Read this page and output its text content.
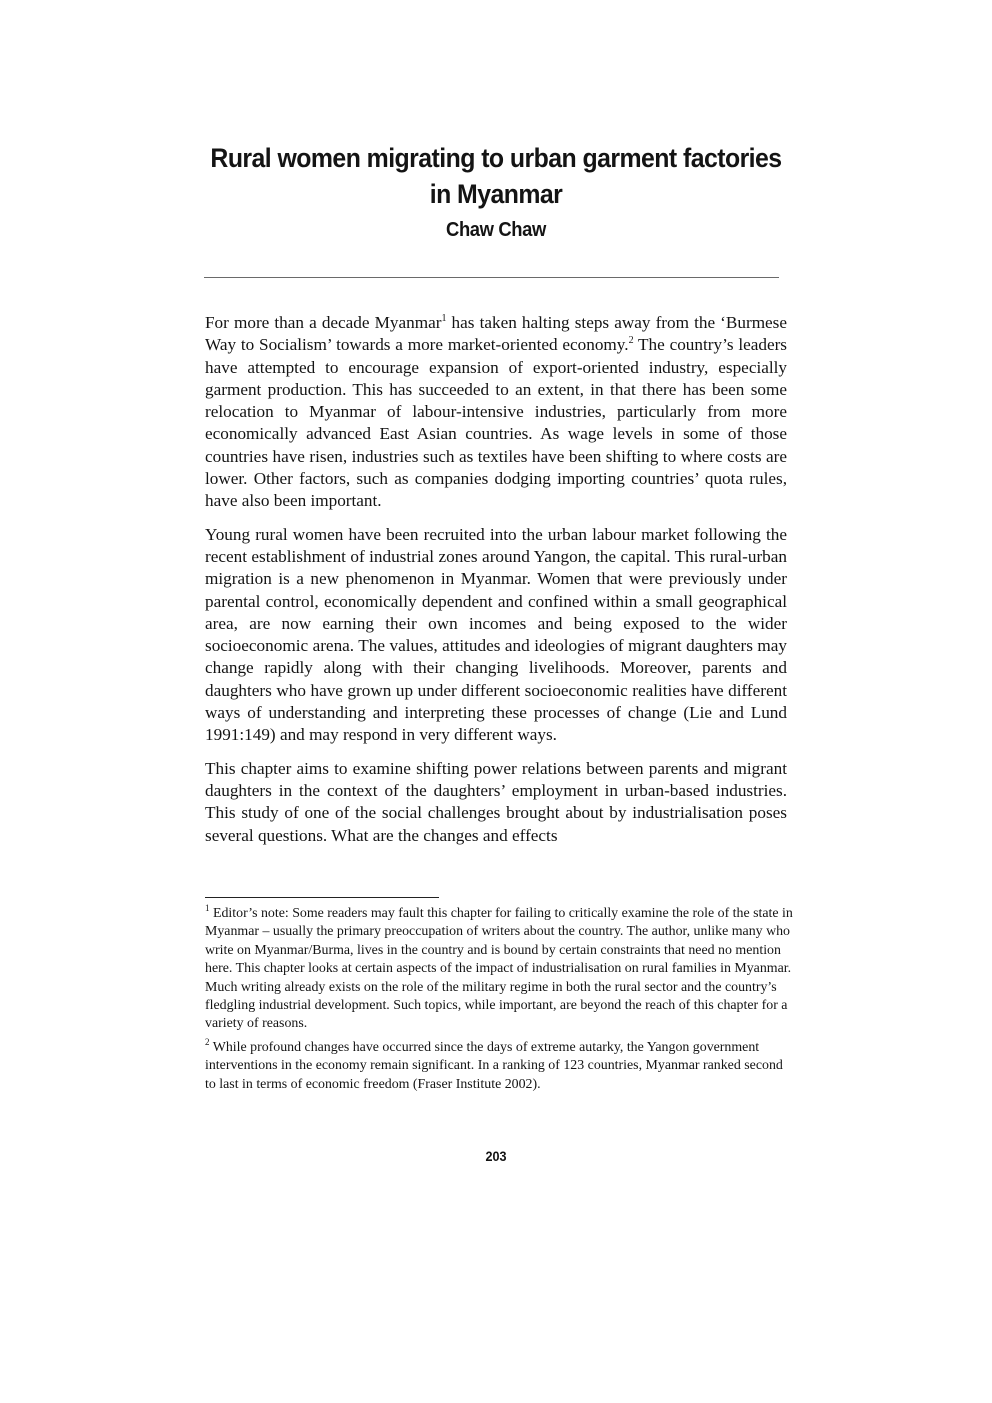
Rural women migrating to urban garment factories
in Myanmar
Chaw Chaw

For more than a decade Myanmar$^1$ has taken halting steps away from the ‘Burmese Way to Socialism’ towards a more market-oriented economy.$^2$ The country’s leaders have attempted to encourage expansion of export-oriented industry, especially garment production. This has succeeded to an extent, in that there has been some relocation to Myanmar of labour-intensive industries, particularly from more economically advanced East Asian countries. As wage levels in some of those countries have risen, industries such as textiles have been shifting to where costs are lower. Other factors, such as companies dodging importing countries’ quota rules, have also been important.

Young rural women have been recruited into the urban labour market following the recent establishment of industrial zones around Yangon, the capital. This rural-urban migration is a new phenomenon in Myanmar. Women that were previously under parental control, economically dependent and confined within a small geographical area, are now earning their own incomes and being exposed to the wider socioeconomic arena. The values, attitudes and ideologies of migrant daughters may change rapidly along with their changing livelihoods. Moreover, parents and daughters who have grown up under different socioeconomic realities have different ways of understanding and interpreting these processes of change (Lie and Lund 1991:149) and may respond in very different ways.

This chapter aims to examine shifting power relations between parents and migrant daughters in the context of the daughters’ employment in urban-based industries. This study of one of the social challenges brought about by industrialisation poses several questions. What are the changes and effects

$^1$ Editor’s note: Some readers may fault this chapter for failing to critically examine the role of the state in Myanmar – usually the primary preoccupation of writers about the country. The author, unlike many who write on Myanmar/Burma, lives in the country and is bound by certain constraints that need no mention here. This chapter looks at certain aspects of the impact of industrialisation on rural families in Myanmar. Much writing already exists on the role of the military regime in both the rural sector and the country’s fledgling industrial development. Such topics, while important, are beyond the reach of this chapter for a variety of reasons.

$^2$ While profound changes have occurred since the days of extreme autarky, the Yangon government interventions in the economy remain significant. In a ranking of 123 countries, Myanmar ranked second to last in terms of economic freedom (Fraser Institute 2002).

203
